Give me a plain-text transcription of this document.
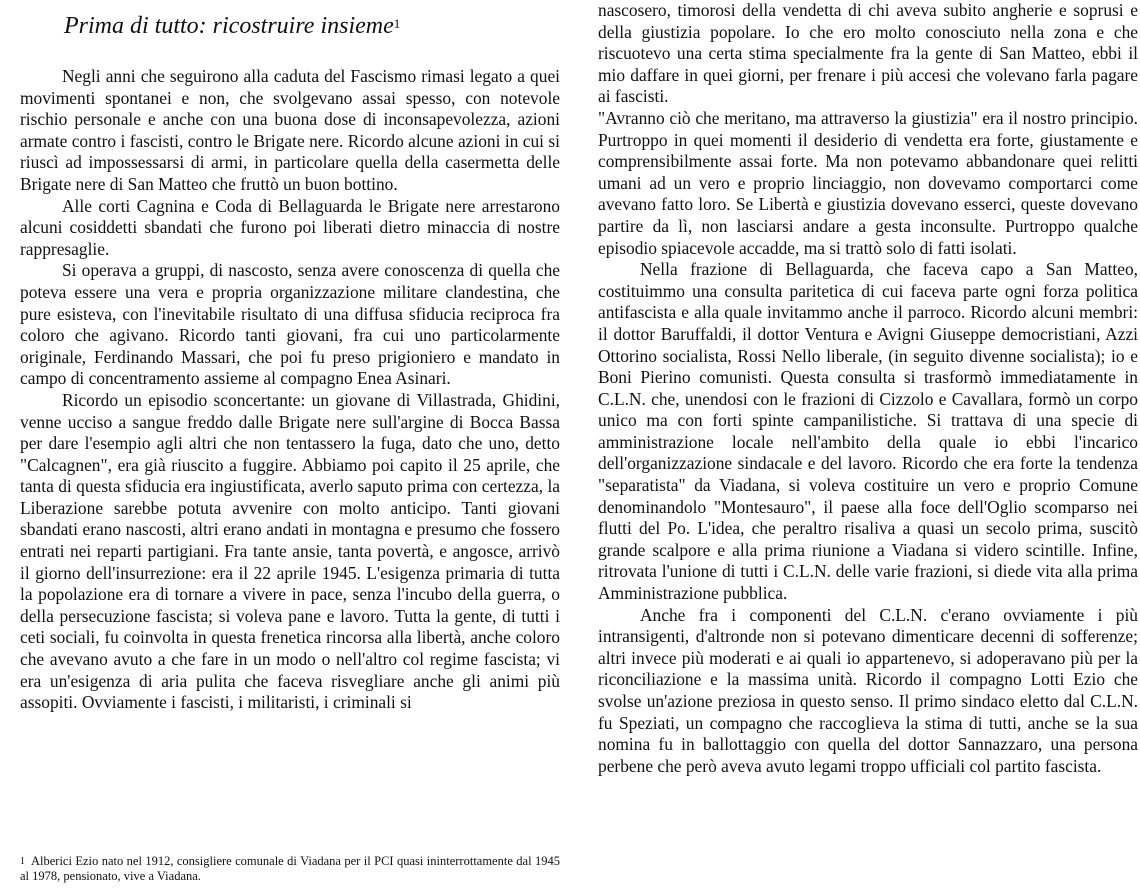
Prima di tutto: ricostruire insieme$^1$

Negli anni che seguirono alla caduta del Fascismo rimasi legato a quei movimenti spontanei e non, che svolgevano assai spesso, con notevole rischio personale e anche con una buona dose di inconsapevolezza, azioni armate contro i fascisti, contro le Brigate nere. Ricordo alcune azioni in cui si riuscì ad impossessarsi di armi, in particolare quella della casermetta delle Brigate nere di San Matteo che fruttò un buon bottino.

Alle corti Cagnina e Coda di Bellaguarda le Brigate nere arrestarono alcuni cosiddetti sbandati che furono poi liberati dietro minaccia di nostre rappresaglie.

Si operava a gruppi, di nascosto, senza avere conoscenza di quella che poteva essere una vera e propria organizzazione militare clandestina, che pure esisteva, con l'inevitabile risultato di una diffusa sfiducia reciproca fra coloro che agivano. Ricordo tanti giovani, fra cui uno particolarmente originale, Ferdinando Massari, che poi fu preso prigioniero e mandato in campo di concentramento assieme al compagno Enea Asinari.

Ricordo un episodio sconcertante: un giovane di Villastrada, Ghidini, venne ucciso a sangue freddo dalle Brigate nere sull'argine di Bocca Bassa per dare l'esempio agli altri che non tentassero la fuga, dato che uno, detto "Calcagnen", era già riuscito a fuggire. Abbiamo poi capito il 25 aprile, che tanta di questa sfiducia era ingiustificata, averlo saputo prima con certezza, la Liberazione sarebbe potuta avvenire con molto anticipo. Tanti giovani sbandati erano nascosti, altri erano andati in montagna e presumo che fossero entrati nei reparti partigiani. Fra tante ansie, tanta povertà, e angosce, arrivò il giorno dell'insurrezione: era il 22 aprile 1945. L'esigenza primaria di tutta la popolazione era di tornare a vivere in pace, senza l'incubo della guerra, o della persecuzione fascista; si voleva pane e lavoro. Tutta la gente, di tutti i ceti sociali, fu coinvolta in questa frenetica rincorsa alla libertà, anche coloro che avevano avuto a che fare in un modo o nell'altro col regime fascista; vi era un'esigenza di aria pulita che faceva risvegliare anche gli animi più assopiti. Ovviamente i fascisti, i militaristi, i criminali si

nascosero, timorosi della vendetta di chi aveva subito angherie e soprusi e della giustizia popolare. Io che ero molto conosciuto nella zona e che riscuotevo una certa stima specialmente fra la gente di San Matteo, ebbi il mio daffare in quei giorni, per frenare i più accesi che volevano farla pagare ai fascisti.

"Avranno ciò che meritano, ma attraverso la giustizia" era il nostro principio. Purtroppo in quei momenti il desiderio di vendetta era forte, giustamente e comprensibilmente assai forte. Ma non potevamo abbandonare quei relitti umani ad un vero e proprio linciaggio, non dovevamo comportarci come avevano fatto loro. Se Libertà e giustizia dovevano esserci, queste dovevano partire da lì, non lasciarsi andare a gesta inconsulte. Purtroppo qualche episodio spiacevole accadde, ma si trattò solo di fatti isolati.

Nella frazione di Bellaguarda, che faceva capo a San Matteo, costituimmo una consulta paritetica di cui faceva parte ogni forza politica antifascista e alla quale invitammo anche il parroco. Ricordo alcuni membri: il dottor Baruffaldi, il dottor Ventura e Avigni Giuseppe democristiani, Azzi Ottorino socialista, Rossi Nello liberale, (in seguito divenne socialista); io e Boni Pierino comunisti. Questa consulta si trasformò immediatamente in C.L.N. che, unendosi con le frazioni di Cizzolo e Cavallara, formò un corpo unico ma con forti spinte campanilistiche. Si trattava di una specie di amministrazione locale nell'ambito della quale io ebbi l'incarico dell'organizzazione sindacale e del lavoro. Ricordo che era forte la tendenza "separatista" da Viadana, si voleva costituire un vero e proprio Comune denominandolo "Montesauro", il paese alla foce dell'Oglio scomparso nei flutti del Po. L'idea, che peraltro risaliva a quasi un secolo prima, suscitò grande scalpore e alla prima riunione a Viadana si videro scintille. Infine, ritrovata l'unione di tutti i C.L.N. delle varie frazioni, si diede vita alla prima Amministrazione pubblica.

Anche fra i componenti del C.L.N. c'erano ovviamente i più intransigenti, d'altronde non si potevano dimenticare decenni di sofferenze; altri invece più moderati e ai quali io appartenevo, si adoperavano più per la riconciliazione e la massima unità. Ricordo il compagno Lotti Ezio che svolse un'azione preziosa in questo senso. Il primo sindaco eletto dal C.L.N. fu Speziati, un compagno che raccoglieva la stima di tutti, anche se la sua nomina fu in ballottaggio con quella del dottor Sannazzaro, una persona perbene che però aveva avuto legami troppo ufficiali col partito fascista.

$^1$ Alberici Ezio nato nel 1912, consigliere comunale di Viadana per il PCI quasi ininterrottamente dal 1945 al 1978, pensionato, vive a Viadana.
